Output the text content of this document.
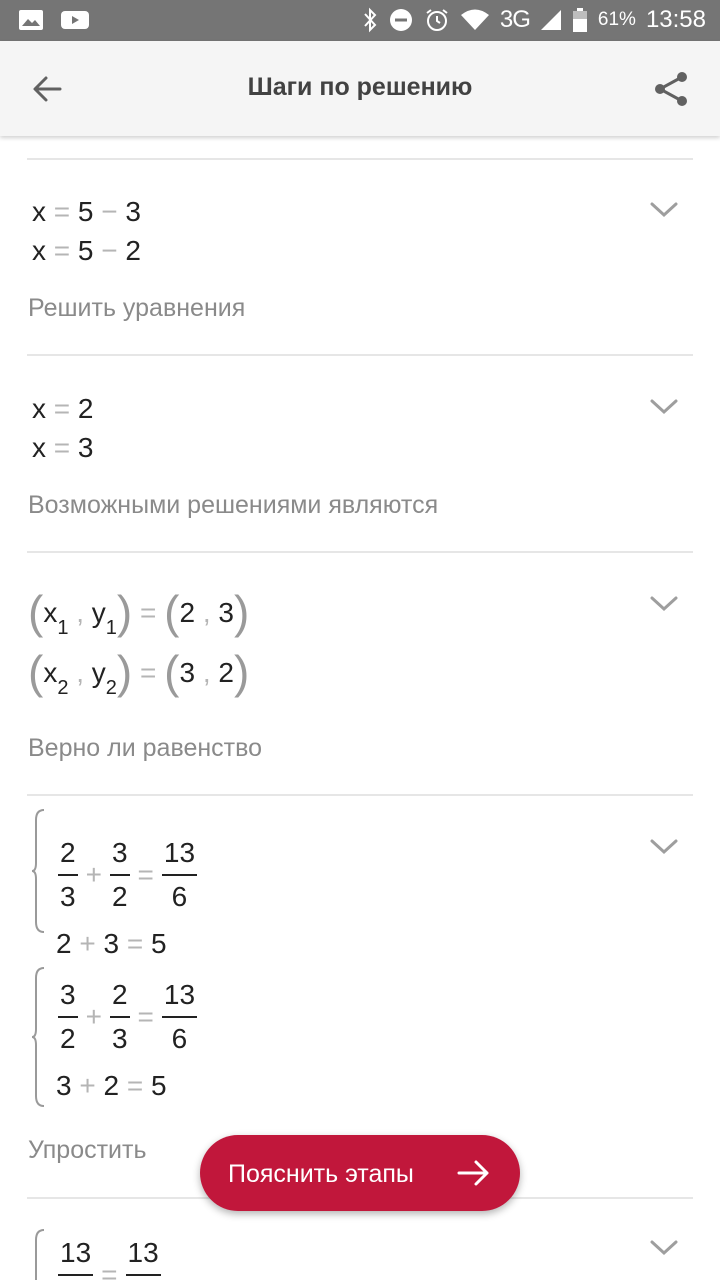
3G	61% 13:58
Шаги по решению
x = 5 − 3
x = 5 − 2
Решить уравнения
x = 2
x = 3
Возможными решениями являются
($x_1$ , $y_1) = (2$ , 3)
($x_2$ , $y_2) = (3$ , 2)
Верно ли равенство
$\frac{2}{3} + \frac{3}{2} = \frac{13}{6}$
2 + 3 = 5
$\frac{3}{2} + \frac{2}{3} = \frac{13}{6}$
3 + 2 = 5
Упростить
13

=
13

Пояснить этапы
